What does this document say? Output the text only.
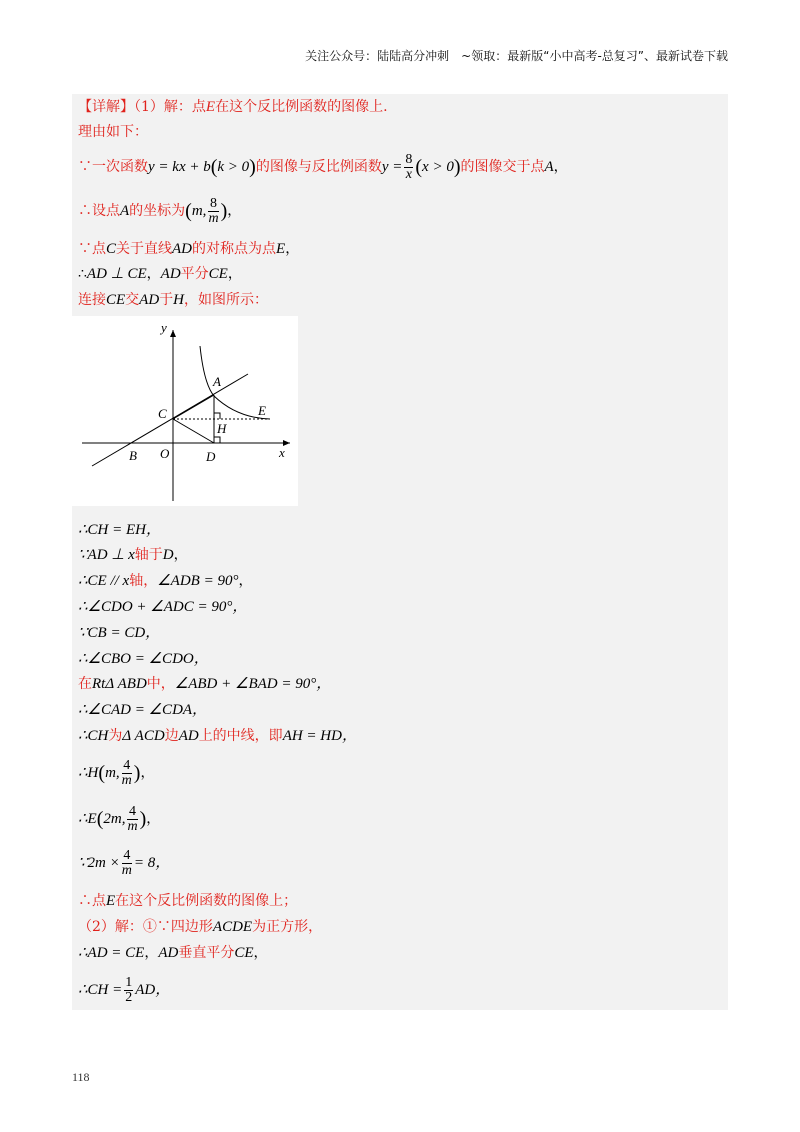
关注公众号：陆陆高分冲刺　~领取：最新版“小中高考-总复习”、最新试卷下载
【详解】（1）解：点E在这个反比例函数的图像上.
理由如下：
∵一次函数y = kx + b(k > 0)的图像与反比例函数$y = \frac{8}{x} (x > 0)$的图像交于点A，
∴设点A的坐标为(m, $\frac{8}{m}$ )，
∵点C关于直线AD的对称点为点E，
∴AD ⊥ CE，AD平分CE，
连接CE交AD于H，如图所示：
y
x
A
C	E
H
B O	D
∴CH = EH，
∵AD ⊥ x轴于D，
∴CE // x轴，∠ADB = 90°，
∴∠CDO + ∠ADC = 90°，
∵CB = CD，
∴∠CBO = ∠CDO，
在RtΔ ABD中，∠ABD + ∠BAD = 90°，
∴∠CAD = ∠CDA，
∴CH为Δ ACD边AD上的中线，即AH = HD，
∴H(m, $\frac{4}{m}$ )，
∴E(2m, $\frac{4}{m}$ )，
∵2m × $\frac{4}{m} = 8$，
∴点E在这个反比例函数的图像上；
（2）解：①∵四边形ACDE为正方形，
∴AD = CE，AD垂直平分CE，
∴CH = $\frac{1}{2}$ AD，
118
